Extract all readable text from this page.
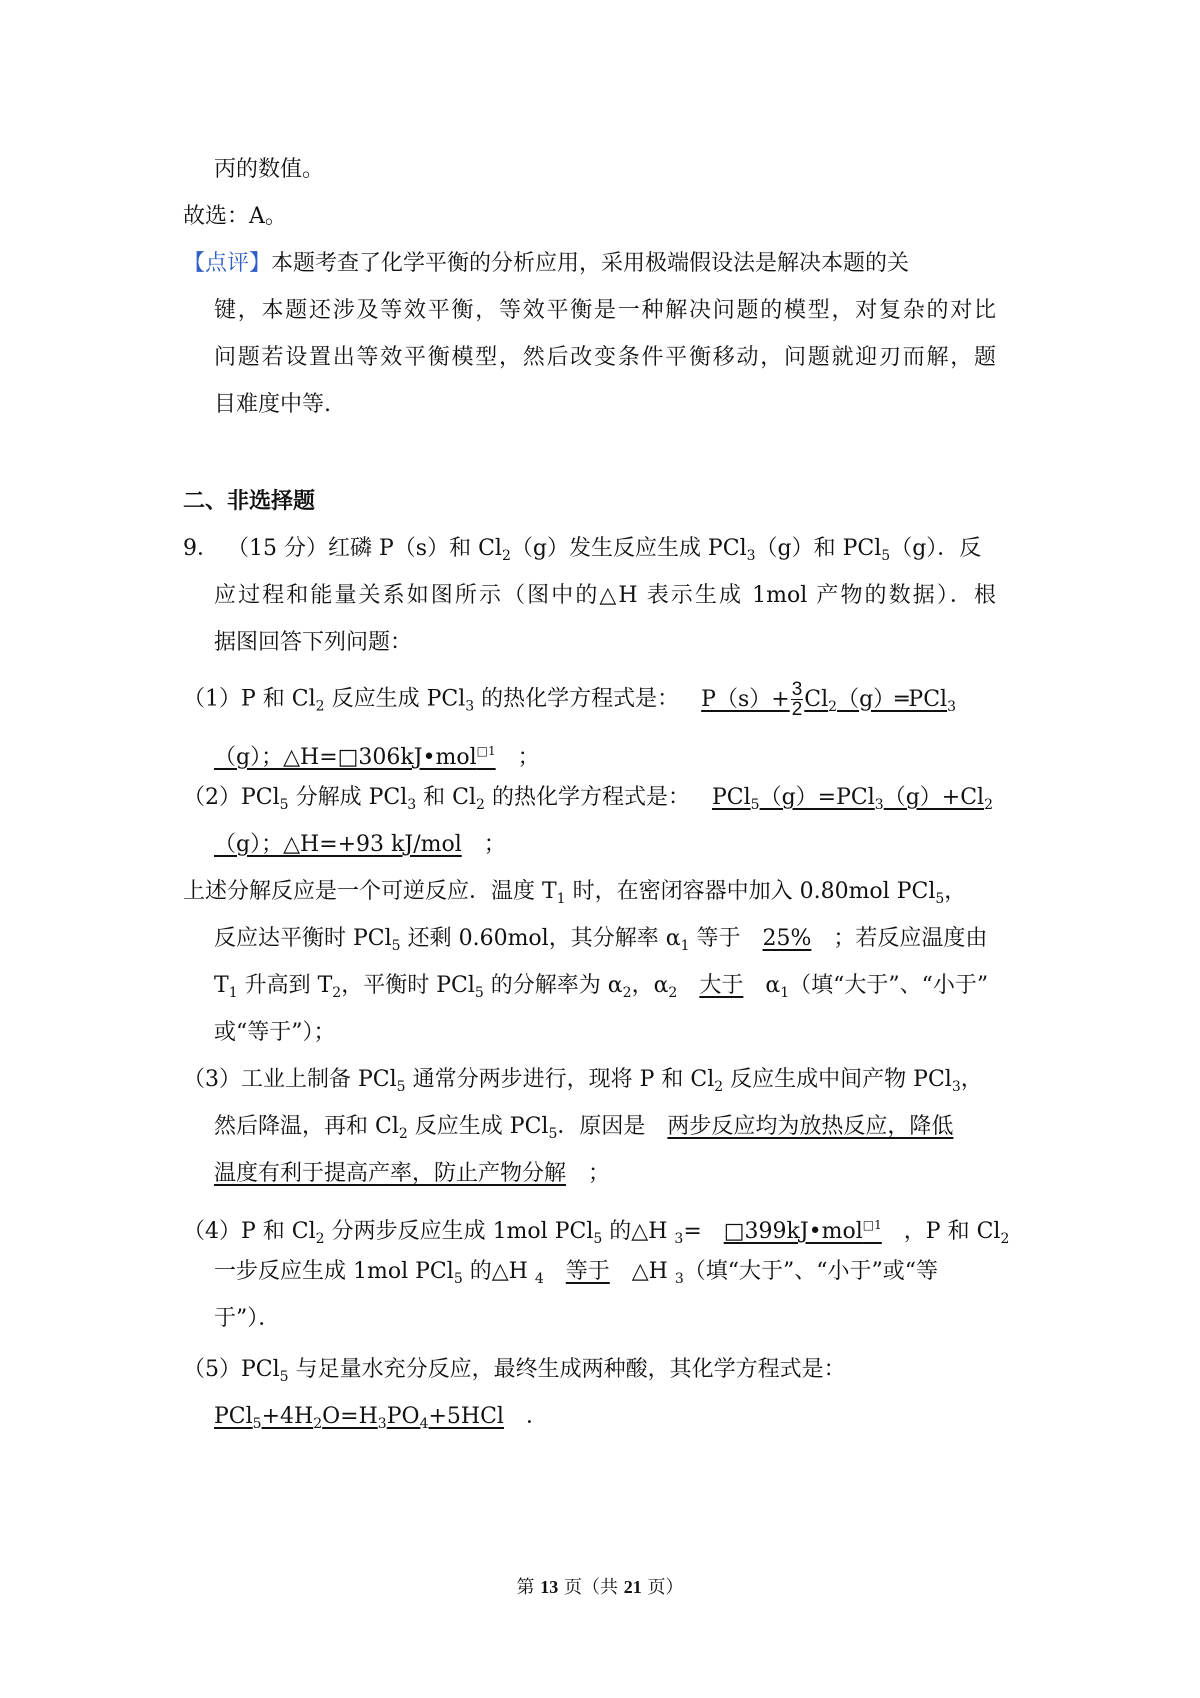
丙的数值。
故选：A。
【点评】本题考查了化学平衡的分析应用，采用极端假设法是解决本题的关
键，本题还涉及等效平衡，等效平衡是一种解决问题的模型，对复杂的对比
问题若设置出等效平衡模型，然后改变条件平衡移动，问题就迎刃而解，题
目难度中等.
二、非选择题
9． （15 分）红磷 P（s）和 $Cl_2(g)$发生反应生成 PCl$_3$（g）和 PCl$_5$（g）．反
应过程和能量关系如图所示（图中的△H 表示生成 1mol 产物的数据）．根
据图回答下列问题：
（1）P 和 $Cl_2$ 反应生成 PCl$_3$ 的热化学方程式是： $P(s)+ \frac{3}{2}$ $Cl_2(g)═PCl_3$
（g）；△H=□306kJ•mol$^{□1}$ ；
（2）PCl$_5$ 分解成 PCl$_3$ 和 $Cl_2$ 的热化学方程式是： $PCl_5(g)=PCl_3(g)+Cl_2$
（g）；△H=+93 kJ/mol ；
上述分解反应是一个可逆反应．温度 $T_1$ 时，在密闭容器中加入 0.80mol PCl$_5$，
反应达平衡时 PCl$_5$ 还剩 0.60mol，其分解率 $\alpha_1$ 等于 25% ；若反应温度由
$T_1$ 升高到 $T_2$，平衡时 PCl$_5$ 的分解率为 $\alpha_2$，$\alpha_2$ 大于 $\alpha_1$（填“大于”、“小于”
或“等于”）；
（3）工业上制备 PCl$_5$ 通常分两步进行，现将 P 和 $Cl_2$ 反应生成中间产物 PCl$_3$，
然后降温，再和 $Cl_2$ 反应生成 PCl$_5$．原因是 两步反应均为放热反应，降低
温度有利于提高产率，防止产物分解 ；
（4）P 和 $Cl_2$ 分两步反应生成 1mol PCl$_5$ 的△H $_3$= □399kJ•mol$^{□1}$ ，P 和 $Cl_2$
一步反应生成 1mol PCl$_5$ 的△H $_4$ 等于 △H $_3$（填“大于”、“小于”或“等
于”）．
（5）PCl$_5$ 与足量水充分反应，最终生成两种酸，其化学方程式是：
$PCl_5+4H_2O=H_3PO_4+5HCl$ ．
第 13 页（共 21 页）
